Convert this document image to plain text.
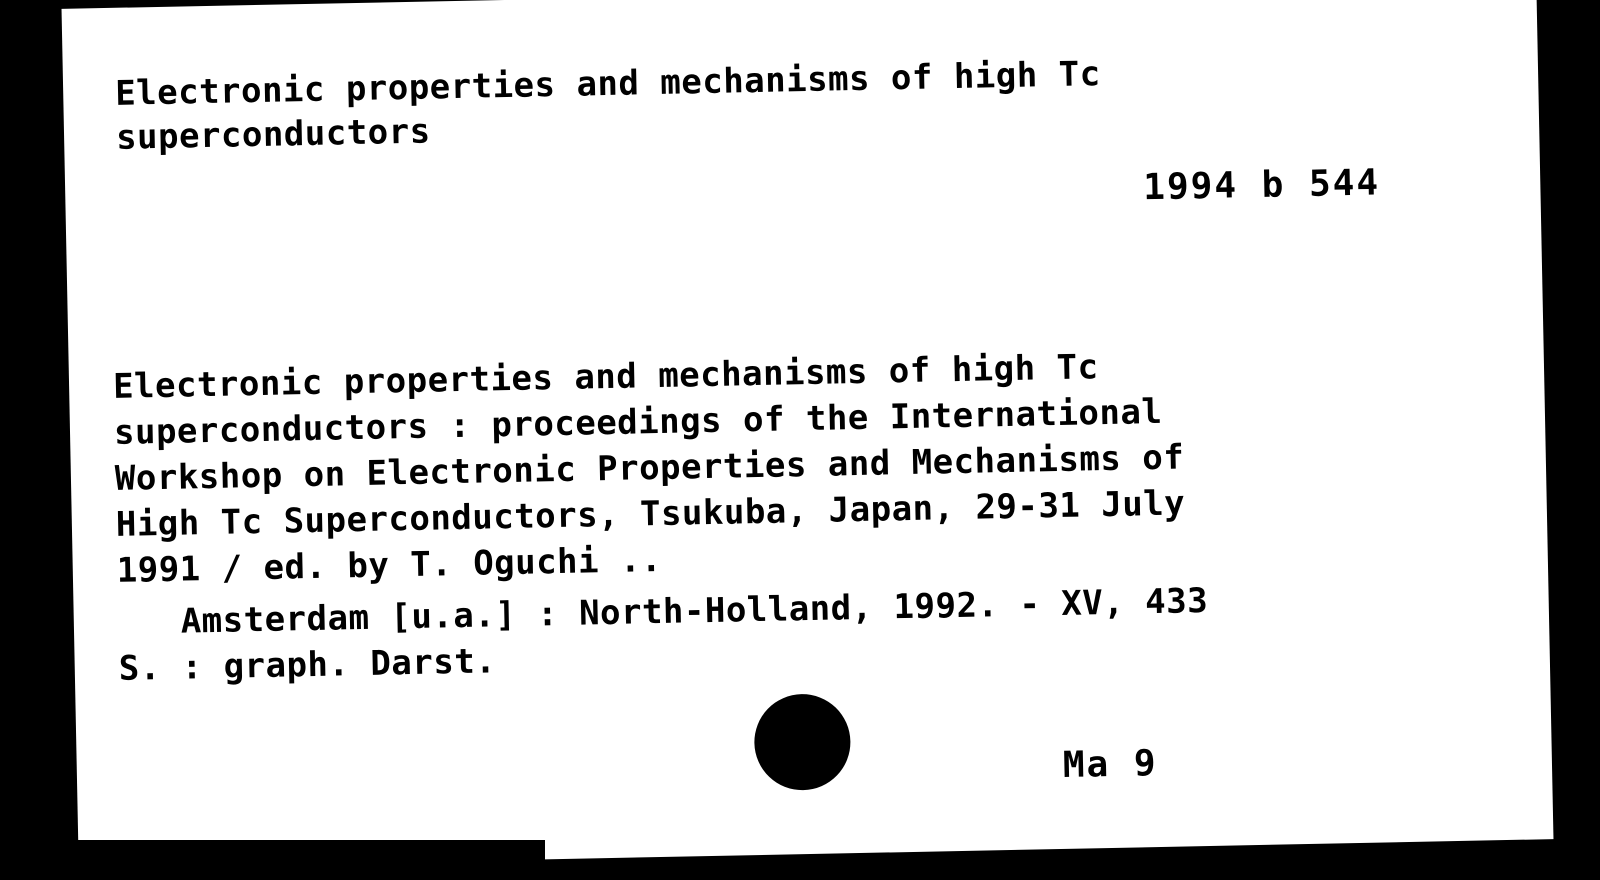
Electronic properties and mechanisms of high Tc
superconductors
1994 b 544
Electronic properties and mechanisms of high Tc
superconductors : proceedings of the International
Workshop on Electronic Properties and Mechanisms of
High Tc Superconductors, Tsukuba, Japan, 29-31 July
1991 / ed. by T. Oguchi ..
Amsterdam [u.a.] : North-Holland, 1992. - XV, 433
S. : graph. Darst.
Ma 9
